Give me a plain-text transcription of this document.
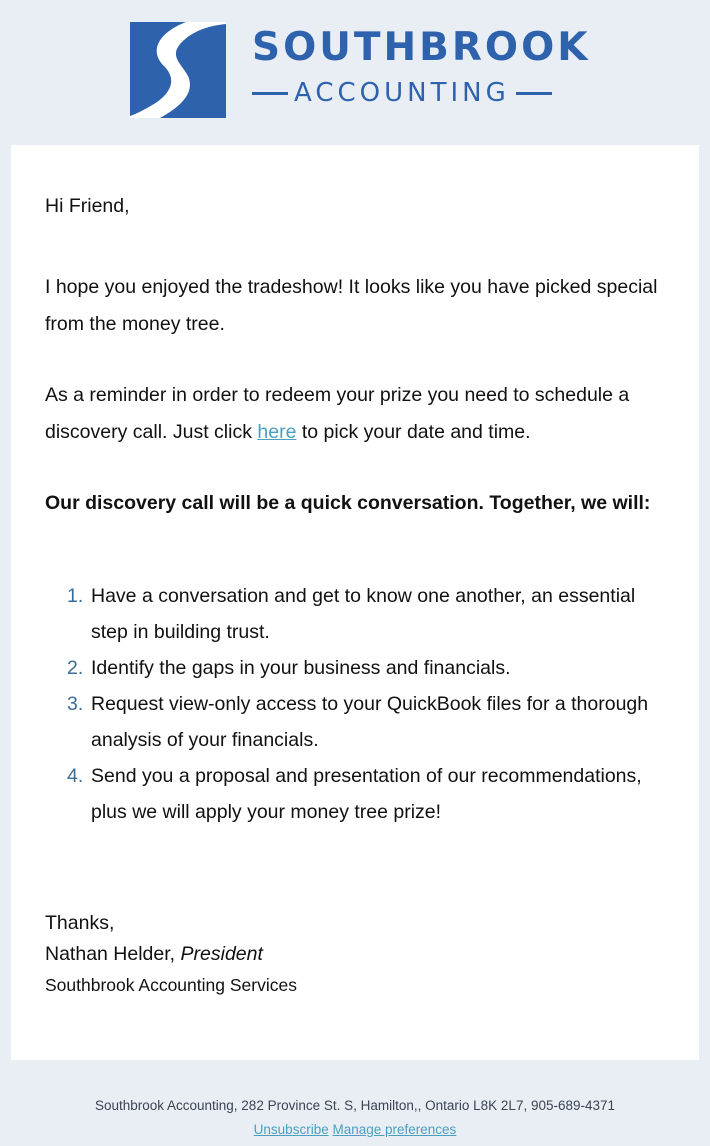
SOUTHBROOK
ACCOUNTING

Hi Friend,

I hope you enjoyed the tradeshow! It looks like you have picked special from the money tree.

As a reminder in order to redeem your prize you need to schedule a discovery call. Just click here to pick your date and time.

Our discovery call will be a quick conversation. Together, we will:

1. Have a conversation and get to know one another, an essential step in building trust.
2. Identify the gaps in your business and financials.
3. Request view-only access to your QuickBook files for a thorough analysis of your financials.
4. Send you a proposal and presentation of our recommendations, plus we will apply your money tree prize!
Thanks,
Nathan Helder, President
Southbrook Accounting Services
Southbrook Accounting, 282 Province St. S, Hamilton,, Ontario L8K 2L7, 905-689-4371
Unsubscribe Manage preferences
